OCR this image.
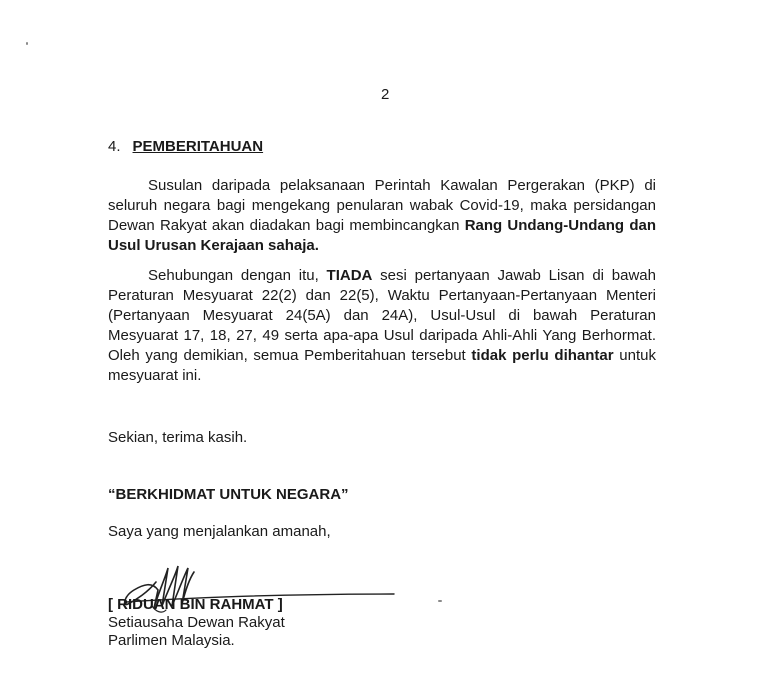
2
4. PEMBERITAHUAN

Susulan daripada pelaksanaan Perintah Kawalan Pergerakan (PKP) di seluruh negara bagi mengekang penularan wabak Covid-19, maka persidangan Dewan Rakyat akan diadakan bagi membincangkan Rang Undang-Undang dan Usul Urusan Kerajaan sahaja.

Sehubungan dengan itu, TIADA sesi pertanyaan Jawab Lisan di bawah Peraturan Mesyuarat 22(2) dan 22(5), Waktu Pertanyaan-Pertanyaan Menteri (Pertanyaan Mesyuarat 24(5A) dan 24A), Usul-Usul di bawah Peraturan Mesyuarat 17, 18, 27, 49 serta apa-apa Usul daripada Ahli-Ahli Yang Berhormat. Oleh yang demikian, semua Pemberitahuan tersebut tidak perlu dihantar untuk mesyuarat ini.

Sekian, terima kasih.
“BERKHIDMAT UNTUK NEGARA”
Saya yang menjalankan amanah,
[ RIDUAN BIN RAHMAT ]
Setiausaha Dewan Rakyat
Parlimen Malaysia.
